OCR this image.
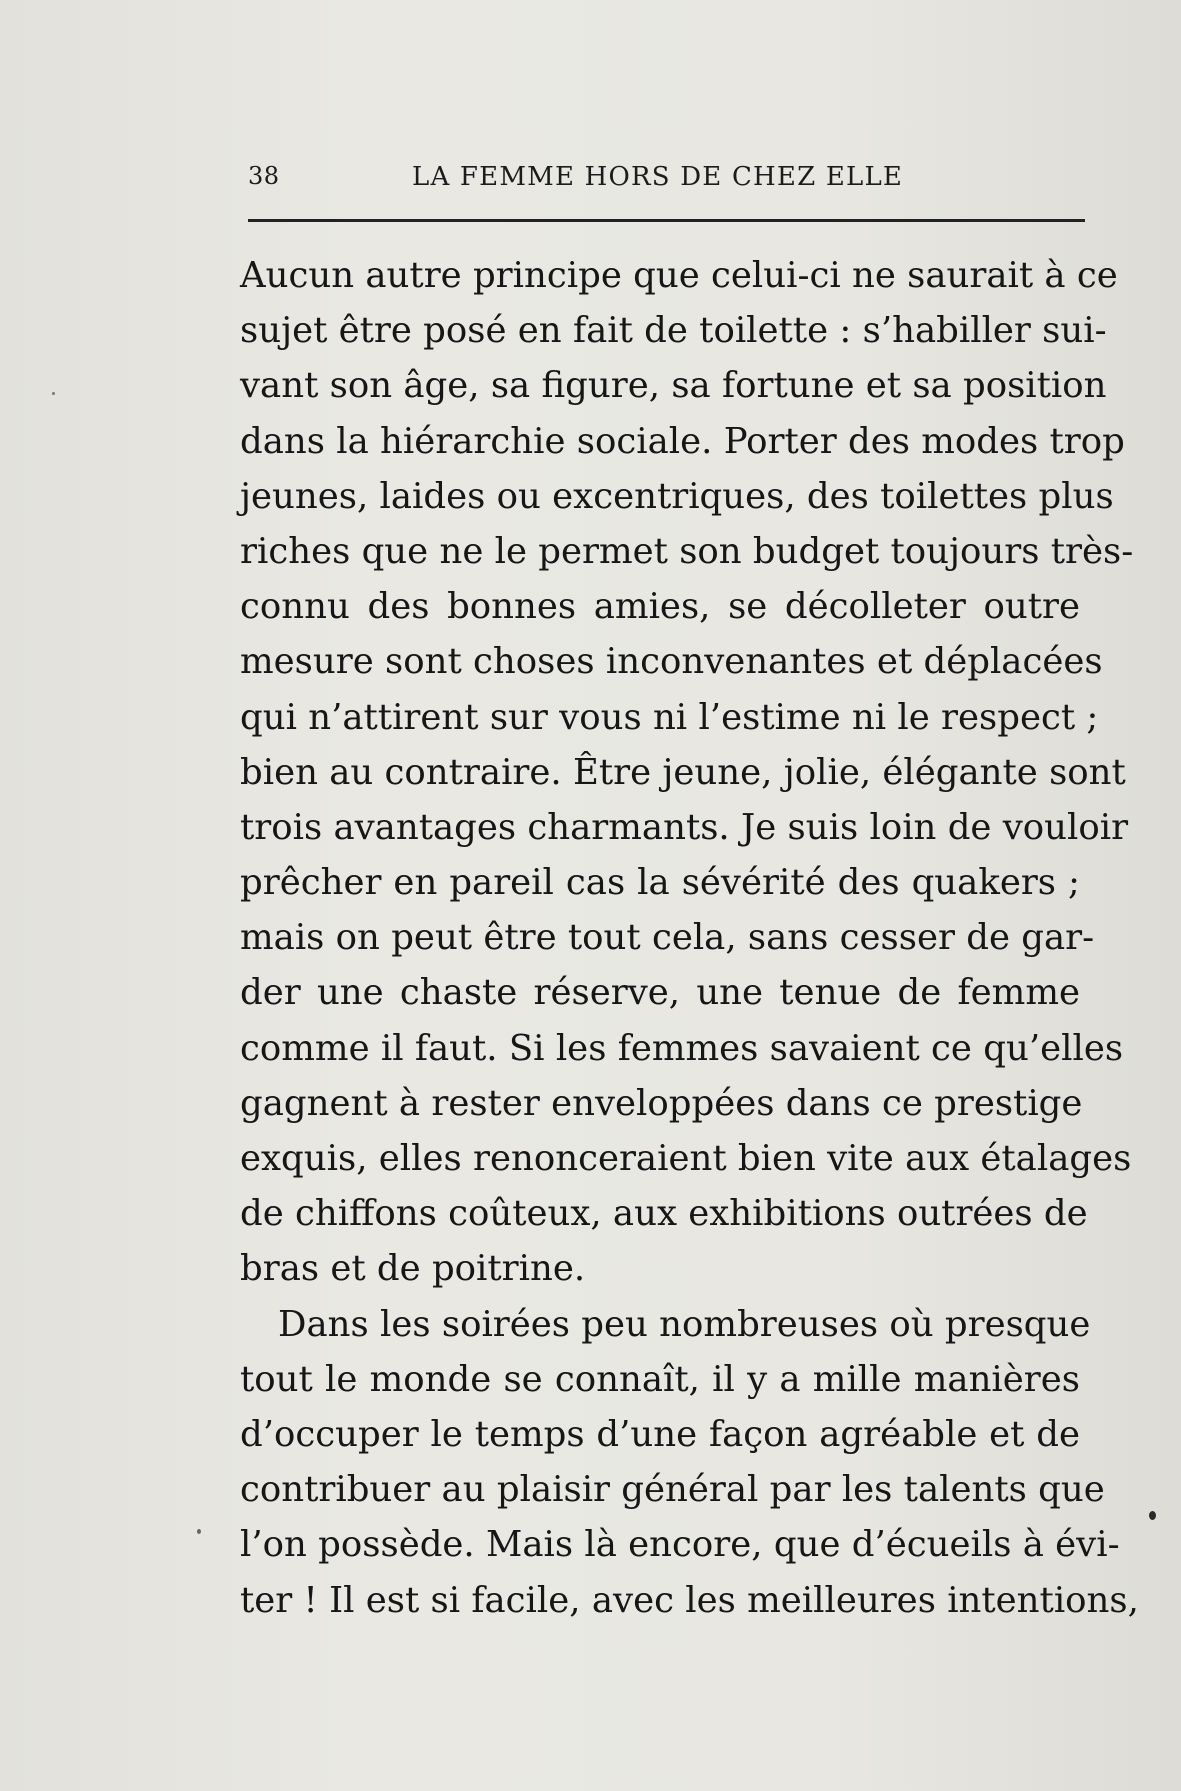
38	LA FEMME HORS DE CHEZ ELLE
Aucun autre principe que celui-ci ne saurait à ce
sujet être posé en fait de toilette : s’habiller sui-
vant son âge, sa figure, sa fortune et sa position
dans la hiérarchie sociale. Porter des modes trop
jeunes, laides ou excentriques, des toilettes plus
riches que ne le permet son budget toujours très-
connu des bonnes amies, se décolleter outre
mesure sont choses inconvenantes et déplacées
qui n’attirent sur vous ni l’estime ni le respect ;
bien au contraire. Être jeune, jolie, élégante sont
trois avantages charmants. Je suis loin de vouloir
prêcher en pareil cas la sévérité des quakers ;
mais on peut être tout cela, sans cesser de gar-
der une chaste réserve, une tenue de femme
comme il faut. Si les femmes savaient ce qu’elles
gagnent à rester enveloppées dans ce prestige
exquis, elles renonceraient bien vite aux étalages
de chiffons coûteux, aux exhibitions outrées de
bras et de poitrine.
Dans les soirées peu nombreuses où presque
tout le monde se connaît, il y a mille manières
d’occuper le temps d’une façon agréable et de
contribuer au plaisir général par les talents que
l’on possède. Mais là encore, que d’écueils à évi-
ter ! Il est si facile, avec les meilleures intentions,
